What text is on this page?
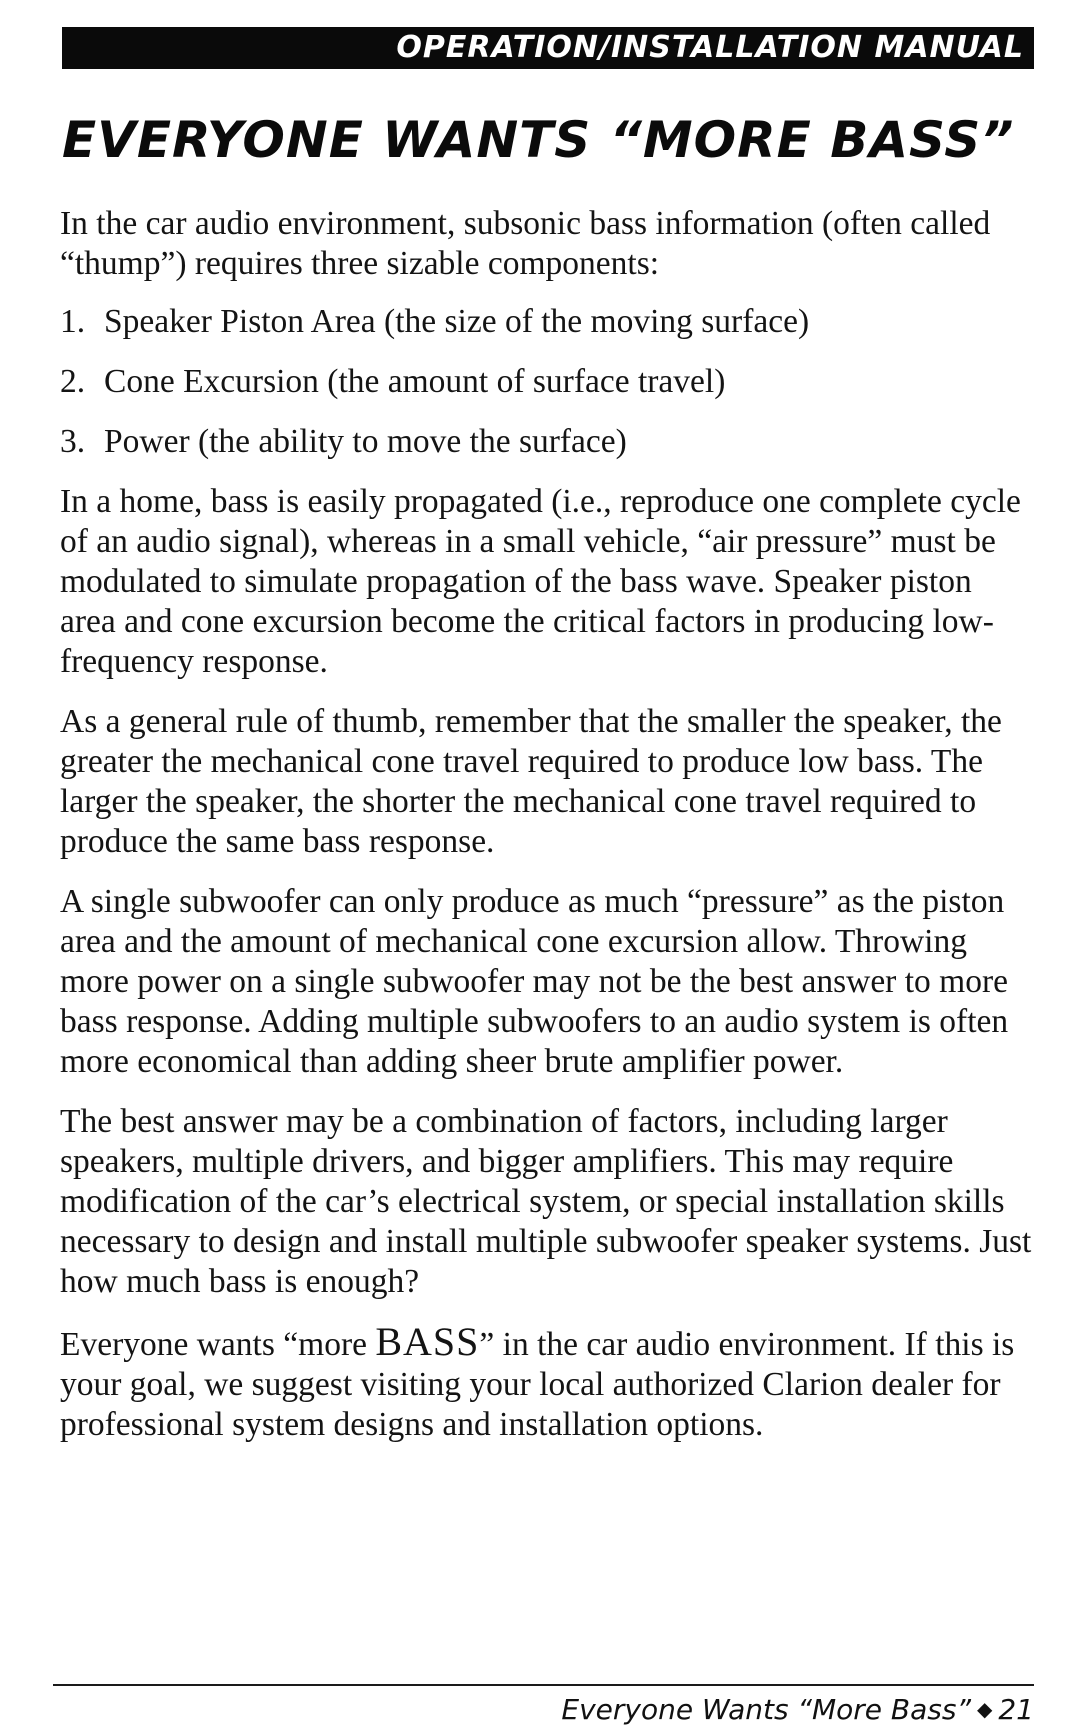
OPERATION/INSTALLATION MANUAL
EVERYONE WANTS “MORE BASS”

In the car audio environment, subsonic bass information (often called “thump”) requires three sizable components:

1. Speaker Piston Area (the size of the moving surface)

2. Cone Excursion (the amount of surface travel)

3. Power (the ability to move the surface)

In a home, bass is easily propagated (i.e., reproduce one complete cycle of an audio signal), whereas in a small vehicle, “air pressure” must be modulated to simulate propagation of the bass wave. Speaker piston area and cone excursion become the critical factors in producing low-frequency response.

As a general rule of thumb, remember that the smaller the speaker, the greater the mechanical cone travel required to produce low bass. The larger the speaker, the shorter the mechanical cone travel required to produce the same bass response.

A single subwoofer can only produce as much “pressure” as the piston area and the amount of mechanical cone excursion allow. Throwing more power on a single subwoofer may not be the best answer to more bass response. Adding multiple subwoofers to an audio system is often more economical than adding sheer brute amplifier power.

The best answer may be a combination of factors, including larger speakers, multiple drivers, and bigger amplifiers. This may require modification of the car’s electrical system, or special installation skills necessary to design and install multiple subwoofer speaker systems. Just how much bass is enough?

Everyone wants “more BASS” in the car audio environment. If this is your goal, we suggest visiting your local authorized Clarion dealer for professional system designs and installation options.

Everyone Wants “More Bass” ◆ 21
